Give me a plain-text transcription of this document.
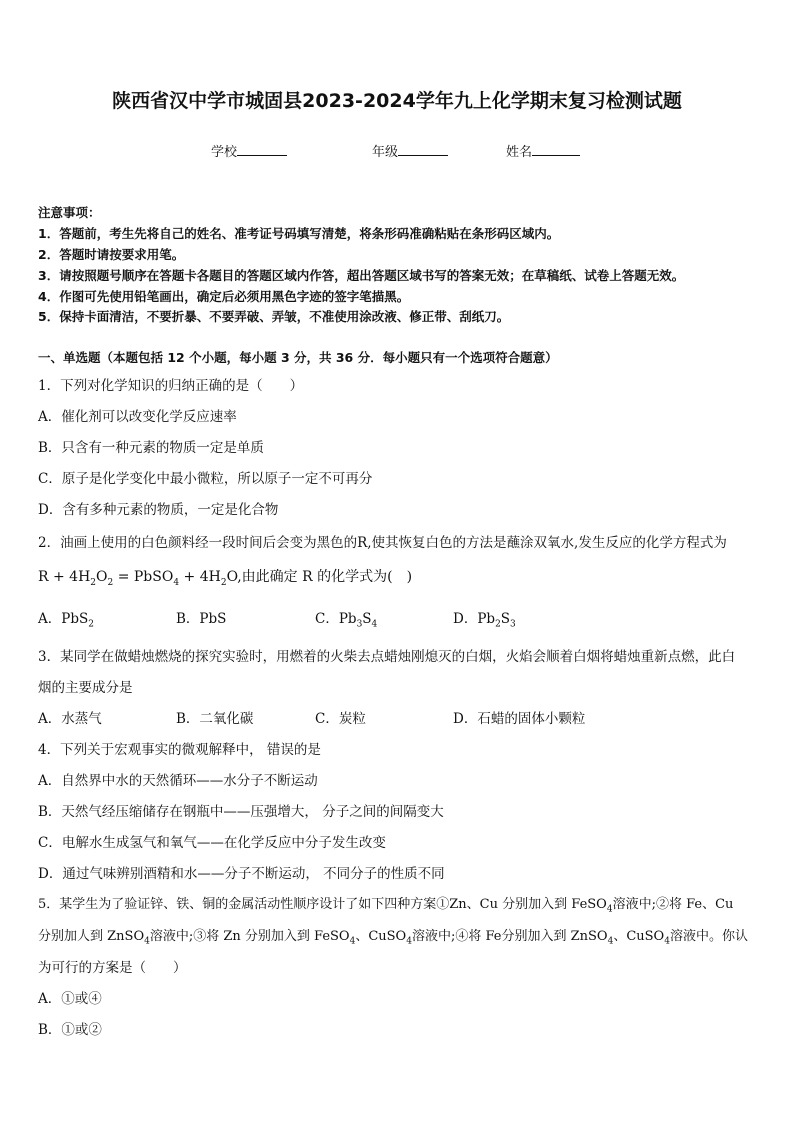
陕西省汉中学市城固县2023-2024学年九上化学期末复习检测试题
学校	年级	姓名
注意事项：
1．答题前，考生先将自己的姓名、准考证号码填写清楚，将条形码准确粘贴在条形码区域内。
2．答题时请按要求用笔。
3．请按照题号顺序在答题卡各题目的答题区域内作答，超出答题区域书写的答案无效；在草稿纸、试卷上答题无效。
4．作图可先使用铅笔画出，确定后必须用黑色字迹的签字笔描黑。
5．保持卡面清洁，不要折暴、不要弄破、弄皱，不准使用涂改液、修正带、刮纸刀。
一、单选题（本题包括 12 个小题，每小题 3 分，共 36 分．每小题只有一个选项符合题意）
1．下列对化学知识的归纳正确的是（　　）
A．催化剂可以改变化学反应速率
B．只含有一种元素的物质一定是单质
C．原子是化学变化中最小微粒，所以原子一定不可再分
D．含有多种元素的物质，一定是化合物
2．油画上使用的白色颜料经一段时间后会变为黑色的R,使其恢复白色的方法是蘸涂双氧水,发生反应的化学方程式为
$R + 4H_2O_2$ = PbSO$_4$ + $4H_2O$,由此确定 R 的化学式为(　)
A．PbS$_2$	B．PbS	C．$Pb_3S_4$	D．$Pb_2S_3$
3．某同学在做蜡烛燃烧的探究实验时，用燃着的火柴去点蜡烛刚熄灭的白烟，火焰会顺着白烟将蜡烛重新点燃，此白
烟的主要成分是
A．水蒸气	B．二氧化碳	C．炭粒	D．石蜡的固体小颗粒
4．下列关于宏观事实的微观解释中， 错误的是
A．自然界中水的天然循环——水分子不断运动
B．天然气经压缩储存在钢瓶中——压强增大， 分子之间的间隔变大
C．电解水生成氢气和氧气——在化学反应中分子发生改变
D．通过气味辨别酒精和水——分子不断运动， 不同分子的性质不同
5．某学生为了验证锌、铁、铜的金属活动性顺序设计了如下四种方案①Zn、Cu 分别加入到 FeSO$_4$溶液中;②将 Fe、Cu
分别加人到 ZnSO$_4$溶液中;③将 Zn 分别加入到 FeSO$_4$、CuSO$_4$溶液中;④将 Fe分别加入到 ZnSO$_4$、CuSO$_4$溶液中。你认
为可行的方案是（　　）
A．①或④
B．①或②
